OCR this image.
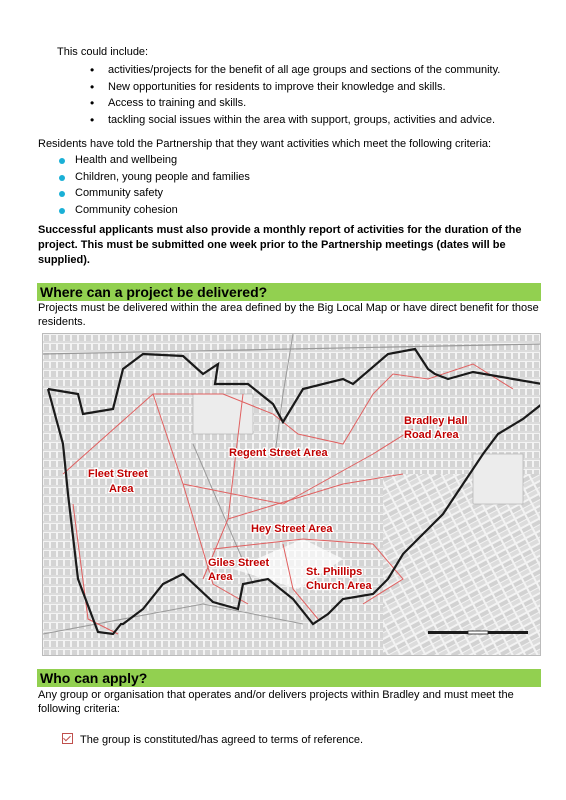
This could include:
• activities/projects for the benefit of all age groups and sections of the community.
• New opportunities for residents to improve their knowledge and skills.
• Access to training and skills.
• tackling social issues within the area with support, groups, activities and advice.
Residents have told the Partnership that they want activities which meet the following criteria:
Health and wellbeing
Children, young people and families
Community safety
Community cohesion
Successful applicants must also provide a monthly report of activities for the duration of the project. This must be submitted one week prior to the Partnership meetings (dates will be supplied).
Where can a project be delivered?
Projects must be delivered within the area defined by the Big Local Map or have direct benefit for those residents.
Fleet Street
Area
Regent Street Area
Bradley Hall
Road Area
Hey Street Area
Giles Street
Area	St. Phillips
Church Area
Who can apply?
Any group or organisation that operates and/or delivers projects within Bradley and must meet the following criteria:
The group is constituted/has agreed to terms of reference.
